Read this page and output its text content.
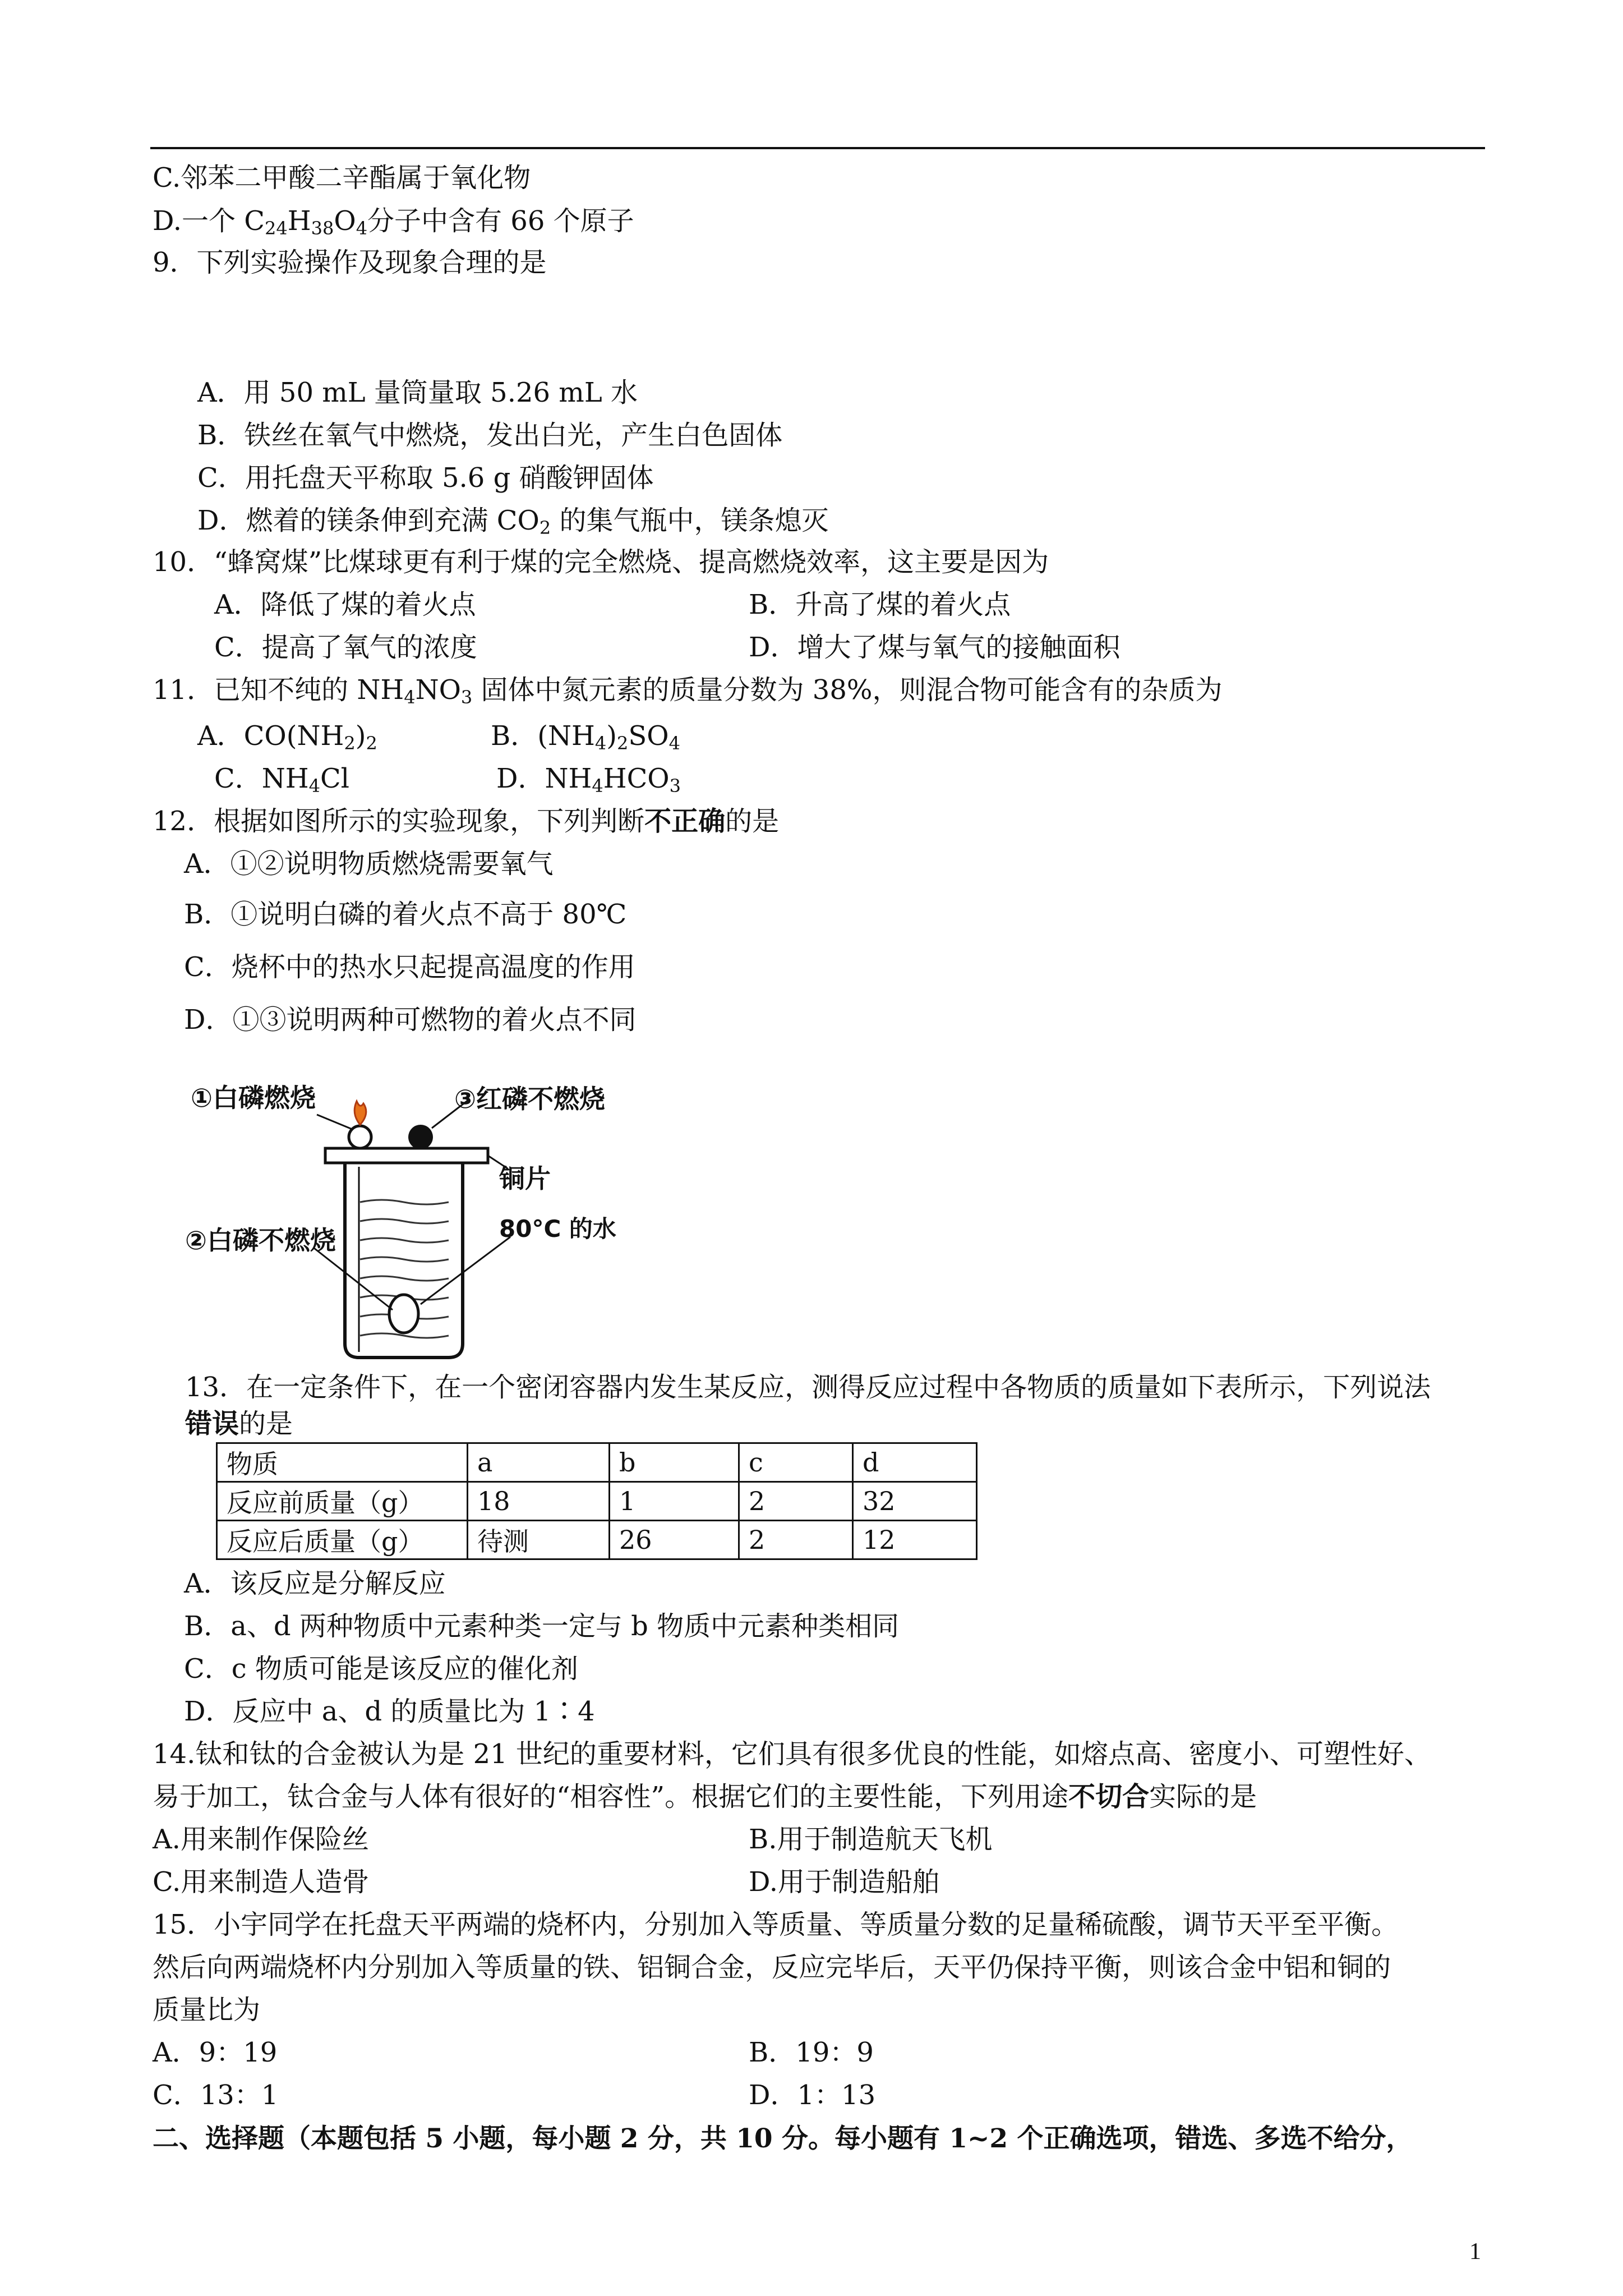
C.邻苯二甲酸二辛酯属于氧化物
D.一个 $C_{24}H_{38}O_4$分子中含有 66 个原子
9．下列实验操作及现象合理的是
A．用 50 mL 量筒量取 5.26 mL 水
B．铁丝在氧气中燃烧，发出白光，产生白色固体
C．用托盘天平称取 5.6 g 硝酸钾固体
D．燃着的镁条伸到充满 $CO_2$ 的集气瓶中，镁条熄灭
10．“蜂窝煤”比煤球更有利于煤的完全燃烧、提高燃烧效率，这主要是因为
A．降低了煤的着火点	B．升高了煤的着火点
C．提高了氧气的浓度	D．增大了煤与氧气的接触面积
11．已知不纯的 $NH_4NO_3$ 固体中氮元素的质量分数为 38%，则混合物可能含有的杂质为
A．$CO(NH_2)_2$	B．$(NH_4)_2SO_4$
C．$NH_4Cl$	D．$NH_4HCO_3$
12．根据如图所示的实验现象，下列判断不正确的是
A．①②说明物质燃烧需要氧气
B．①说明白磷的着火点不高于 80℃
C．烧杯中的热水只起提高温度的作用
D．①③说明两种可燃物的着火点不同
①白磷燃烧	③红磷不燃烧
铜片
②白磷不燃烧	80°C 的水
13．在一定条件下，在一个密闭容器内发生某反应，测得反应过程中各物质的质量如下表所示，下列说法
错误的是
物质	a	b	c	d
反应前质量（g）	18	1	2	32
反应后质量（g）	待测	26	2	12
A．该反应是分解反应
B．a、d 两种物质中元素种类一定与 b 物质中元素种类相同
C．c 物质可能是该反应的催化剂
D．反应中 a、d 的质量比为 1∶4
14.钛和钛的合金被认为是 21 世纪的重要材料，它们具有很多优良的性能，如熔点高、密度小、可塑性好、
易于加工，钛合金与人体有很好的“相容性”。根据它们的主要性能，下列用途不切合实际的是
A.用来制作保险丝	B.用于制造航天飞机
C.用来制造人造骨	D.用于制造船舶
15．小宇同学在托盘天平两端的烧杯内，分别加入等质量、等质量分数的足量稀硫酸，调节天平至平衡。
然后向两端烧杯内分别加入等质量的铁、铝铜合金，反应完毕后，天平仍保持平衡，则该合金中铝和铜的
质量比为
A．9：19	B．19：9
C．13：1	D．1：13
二、选择题（本题包括 5 小题，每小题 2 分，共 10 分。每小题有 1~2 个正确选项，错选、多选不给分，
1
